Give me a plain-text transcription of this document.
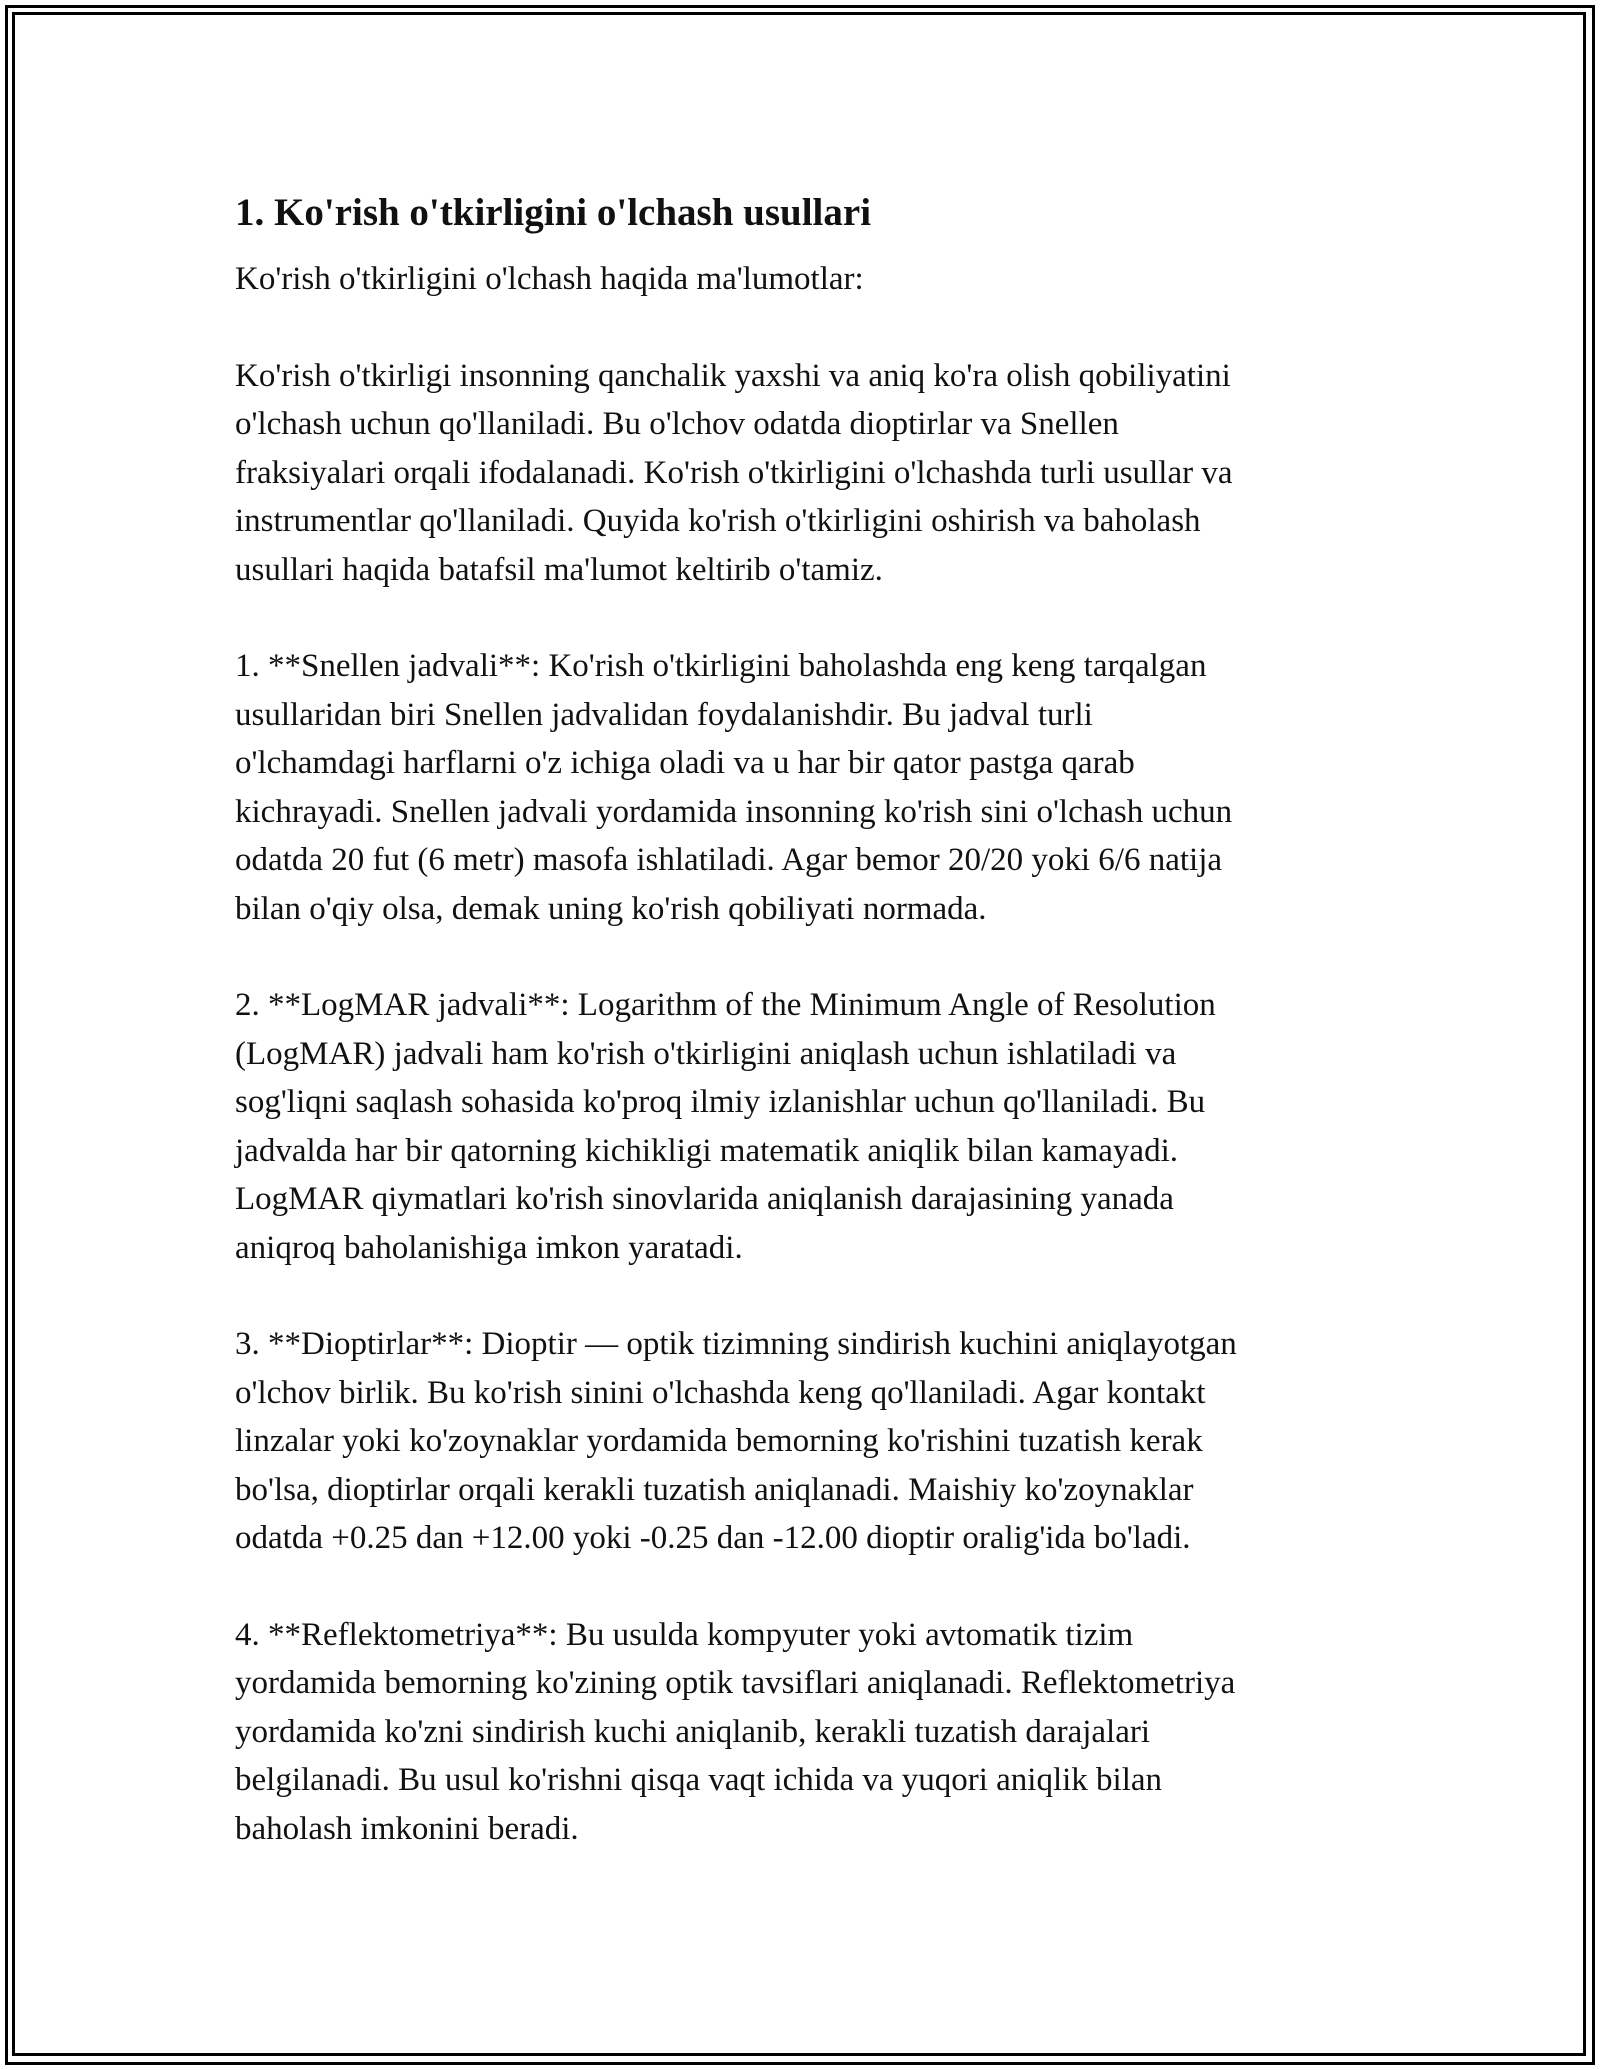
1. Ko'rish o'tkirligini o'lchash usullari

Ko'rish o'tkirligini o'lchash haqida ma'lumotlar:

Ko'rish o'tkirligi insonning qanchalik yaxshi va aniq ko'ra olish qobiliyatini
o'lchash uchun qo'llaniladi. Bu o'lchov odatda dioptirlar va Snellen
fraksiyalari orqali ifodalanadi. Ko'rish o'tkirligini o'lchashda turli usullar va
instrumentlar qo'llaniladi. Quyida ko'rish o'tkirligini oshirish va baholash
usullari haqida batafsil ma'lumot keltirib o'tamiz.

1. **Snellen jadvali**: Ko'rish o'tkirligini baholashda eng keng tarqalgan
usullaridan biri Snellen jadvalidan foydalanishdir. Bu jadval turli
o'lchamdagi harflarni o'z ichiga oladi va u har bir qator pastga qarab
kichrayadi. Snellen jadvali yordamida insonning ko'rish sini o'lchash uchun
odatda 20 fut (6 metr) masofa ishlatiladi. Agar bemor 20/20 yoki 6/6 natija
bilan o'qiy olsa, demak uning ko'rish qobiliyati normada.

2. **LogMAR jadvali**: Logarithm of the Minimum Angle of Resolution
(LogMAR) jadvali ham ko'rish o'tkirligini aniqlash uchun ishlatiladi va
sog'liqni saqlash sohasida ko'proq ilmiy izlanishlar uchun qo'llaniladi. Bu
jadvalda har bir qatorning kichikligi matematik aniqlik bilan kamayadi.
LogMAR qiymatlari ko'rish sinovlarida aniqlanish darajasining yanada
aniqroq baholanishiga imkon yaratadi.

3. **Dioptirlar**: Dioptir — optik tizimning sindirish kuchini aniqlayotgan
o'lchov birlik. Bu ko'rish sinini o'lchashda keng qo'llaniladi. Agar kontakt
linzalar yoki ko'zoynaklar yordamida bemorning ko'rishini tuzatish kerak
bo'lsa, dioptirlar orqali kerakli tuzatish aniqlanadi. Maishiy ko'zoynaklar
odatda +0.25 dan +12.00 yoki -0.25 dan -12.00 dioptir oralig'ida bo'ladi.

4. **Reflektometriya**: Bu usulda kompyuter yoki avtomatik tizim
yordamida bemorning ko'zining optik tavsiflari aniqlanadi. Reflektometriya
yordamida ko'zni sindirish kuchi aniqlanib, kerakli tuzatish darajalari
belgilanadi. Bu usul ko'rishni qisqa vaqt ichida va yuqori aniqlik bilan
baholash imkonini beradi.
